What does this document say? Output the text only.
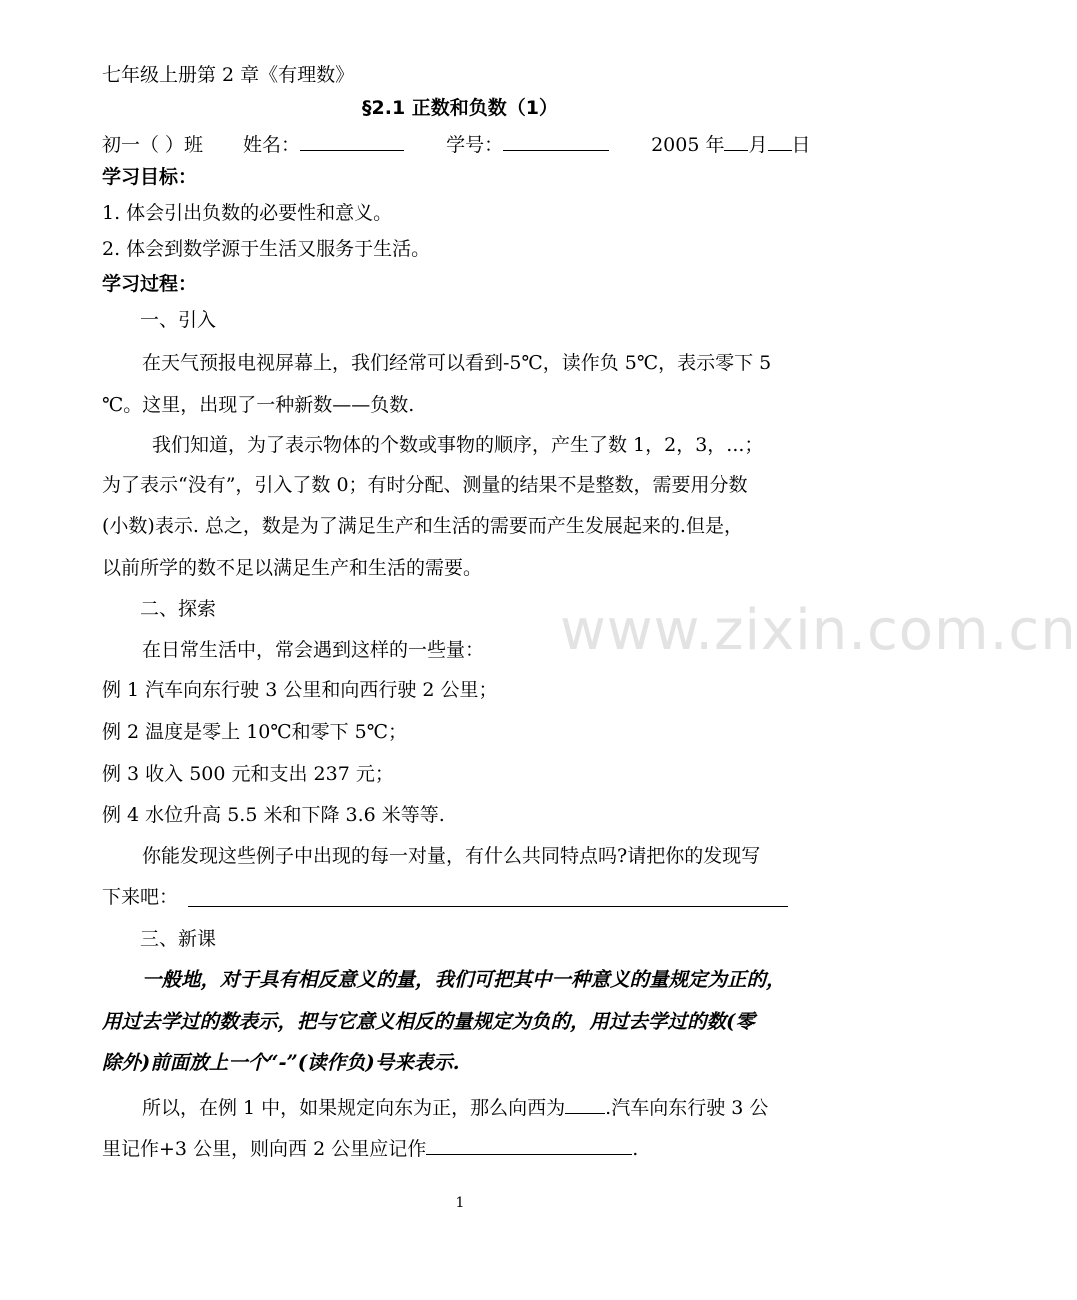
七年级上册第 2 章《有理数》
§2.1 正数和负数（1）
初一（ ）班 姓名：	学号：	2005 年 月 日
学习目标：
1. 体会引出负数的必要性和意义。
2. 体会到数学源于生活又服务于生活。
学习过程：
一、引入
在天气预报电视屏幕上，我们经常可以看到-5℃，读作负 5℃，表示零下 5
℃。这里，出现了一种新数——负数.
我们知道，为了表示物体的个数或事物的顺序，产生了数 1，2，3，...；
为了表示“没有”，引入了数 0；有时分配、测量的结果不是整数，需要用分数
(小数)表示. 总之，数是为了满足生产和生活的需要而产生发展起来的.但是，
以前所学的数不足以满足生产和生活的需要。
www.zixin.com.cn
二、探索
在日常生活中，常会遇到这样的一些量：
例 1 汽车向东行驶 3 公里和向西行驶 2 公里；
例 2 温度是零上 10℃和零下 5℃；
例 3 收入 500 元和支出 237 元；
例 4 水位升高 5.5 米和下降 3.6 米等等.
你能发现这些例子中出现的每一对量，有什么共同特点吗?请把你的发现写
下来吧：
三、新课
一般地，对于具有相反意义的量，我们可把其中一种意义的量规定为正的，
用过去学过的数表示，把与它意义相反的量规定为负的，用过去学过的数(零
除外)前面放上一个“-”(读作负)号来表示.
所以，在例 1 中，如果规定向东为正，那么向西为 .汽车向东行驶 3 公
里记作+3 公里，则向西 2 公里应记作	.
1
